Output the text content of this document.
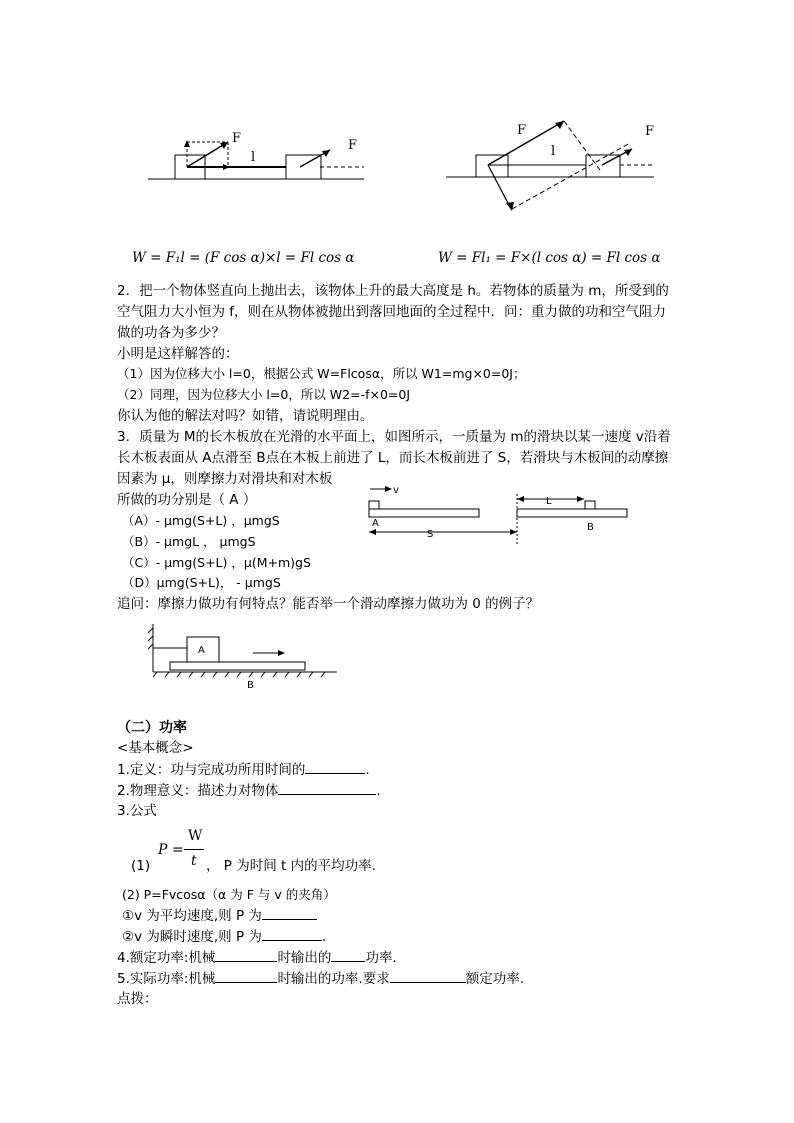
F	F
l
F	F
l
W = F₁l = (F cos α)×l = Fl cos α	W = Fl₁ = F×(l cos α) = Fl cos α
2．把一个物体竖直向上抛出去，该物体上升的最大高度是 h。若物体的质量为 m，所受到的
空气阻力大小恒为 f，则在从物体被抛出到落回地面的全过程中．问：重力做的功和空气阻力
做的功各为多少？
小明是这样解答的：
（1）因为位移大小 l=0，根据公式 W=Flcosα，所以 W1=mg×0=0J；
（2）同理，因为位移大小 l=0，所以 W2=-f×0=0J
你认为他的解法对吗？如错，请说明理由。
3．质量为 M的长木板放在光滑的水平面上，如图所示，一质量为 m的滑块以某一速度 v沿着
长木板表面从 A点滑至 B点在木板上前进了 L，而长木板前进了 S，若滑块与木板间的动摩擦
因素为 μ，则摩擦力对滑块和对木板
所做的功分别是（ A ）
（A）- μmg(S+L) ，μmgS
（B）- μmgL ， μmgS
（C）- μmg(S+L) ，μ(M+m)gS
（D）μmg(S+L)， - μmgS
v
A	B
L
S
追问：摩擦力做功有何特点？能否举一个滑动摩擦力做功为 0 的例子？
A
B
（二）功率
<基本概念>
1.定义：功与完成功所用时间的	.
2.物理意义：描述力对物体	.
3.公式
P =
W
t
(1)	， P 为时间 t 内的平均功率.
(2) P=Fvcosα（α 为 F 与 v 的夹角）
①v 为平均速度,则 P 为
②v 为瞬时速度,则 P 为	.
4.额定功率:机械	时输出的	功率.
5.实际功率:机械	时输出的功率.要求	额定功率.
点拨：
